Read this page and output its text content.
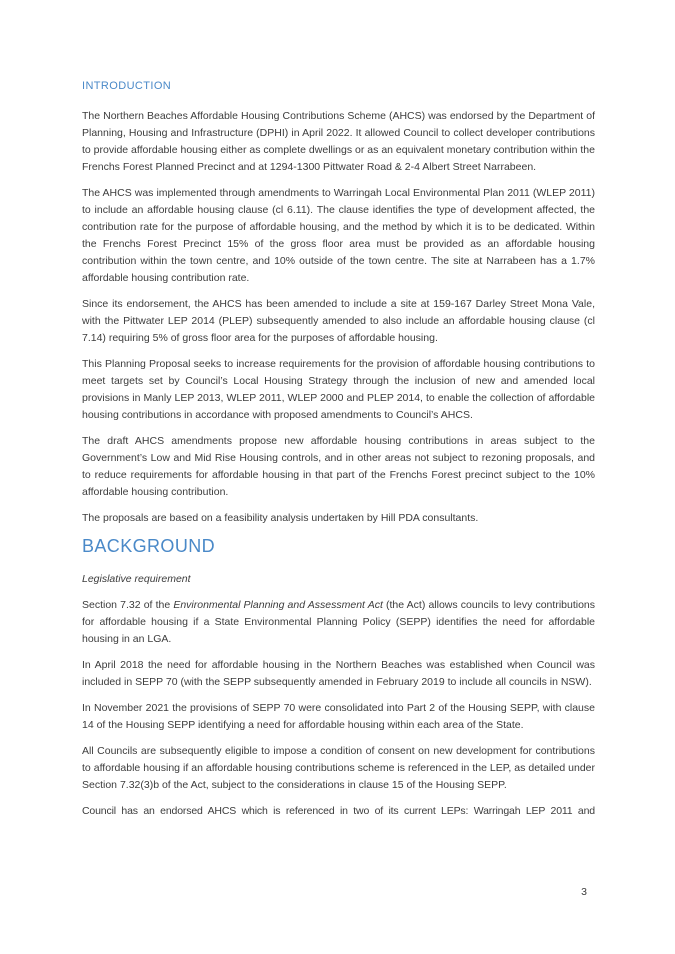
INTRODUCTION

The Northern Beaches Affordable Housing Contributions Scheme (AHCS) was endorsed by the Department of Planning, Housing and Infrastructure (DPHI) in April 2022. It allowed Council to collect developer contributions to provide affordable housing either as complete dwellings or as an equivalent monetary contribution within the Frenchs Forest Planned Precinct and at 1294-1300 Pittwater Road & 2-4 Albert Street Narrabeen.

The AHCS was implemented through amendments to Warringah Local Environmental Plan 2011 (WLEP 2011) to include an affordable housing clause (cl 6.11). The clause identifies the type of development affected, the contribution rate for the purpose of affordable housing, and the method by which it is to be dedicated. Within the Frenchs Forest Precinct 15% of the gross floor area must be provided as an affordable housing contribution within the town centre, and 10% outside of the town centre. The site at Narrabeen has a 1.7% affordable housing contribution rate.

Since its endorsement, the AHCS has been amended to include a site at 159-167 Darley Street Mona Vale, with the Pittwater LEP 2014 (PLEP) subsequently amended to also include an affordable housing clause (cl 7.14) requiring 5% of gross floor area for the purposes of affordable housing.

This Planning Proposal seeks to increase requirements for the provision of affordable housing contributions to meet targets set by Council’s Local Housing Strategy through the inclusion of new and amended local provisions in Manly LEP 2013, WLEP 2011, WLEP 2000 and PLEP 2014, to enable the collection of affordable housing contributions in accordance with proposed amendments to Council’s AHCS.

The draft AHCS amendments propose new affordable housing contributions in areas subject to the Government’s Low and Mid Rise Housing controls, and in other areas not subject to rezoning proposals, and to reduce requirements for affordable housing in that part of the Frenchs Forest precinct subject to the 10% affordable housing contribution.

The proposals are based on a feasibility analysis undertaken by Hill PDA consultants.

BACKGROUND

Legislative requirement

Section 7.32 of the Environmental Planning and Assessment Act (the Act) allows councils to levy contributions for affordable housing if a State Environmental Planning Policy (SEPP) identifies the need for affordable housing in an LGA.

In April 2018 the need for affordable housing in the Northern Beaches was established when Council was included in SEPP 70 (with the SEPP subsequently amended in February 2019 to include all councils in NSW).

In November 2021 the provisions of SEPP 70 were consolidated into Part 2 of the Housing SEPP, with clause 14 of the Housing SEPP identifying a need for affordable housing within each area of the State.

All Councils are subsequently eligible to impose a condition of consent on new development for contributions to affordable housing if an affordable housing contributions scheme is referenced in the LEP, as detailed under Section 7.32(3)b of the Act, subject to the considerations in clause 15 of the Housing SEPP.

Council has an endorsed AHCS which is referenced in two of its current LEPs: Warringah LEP 2011 and

3
